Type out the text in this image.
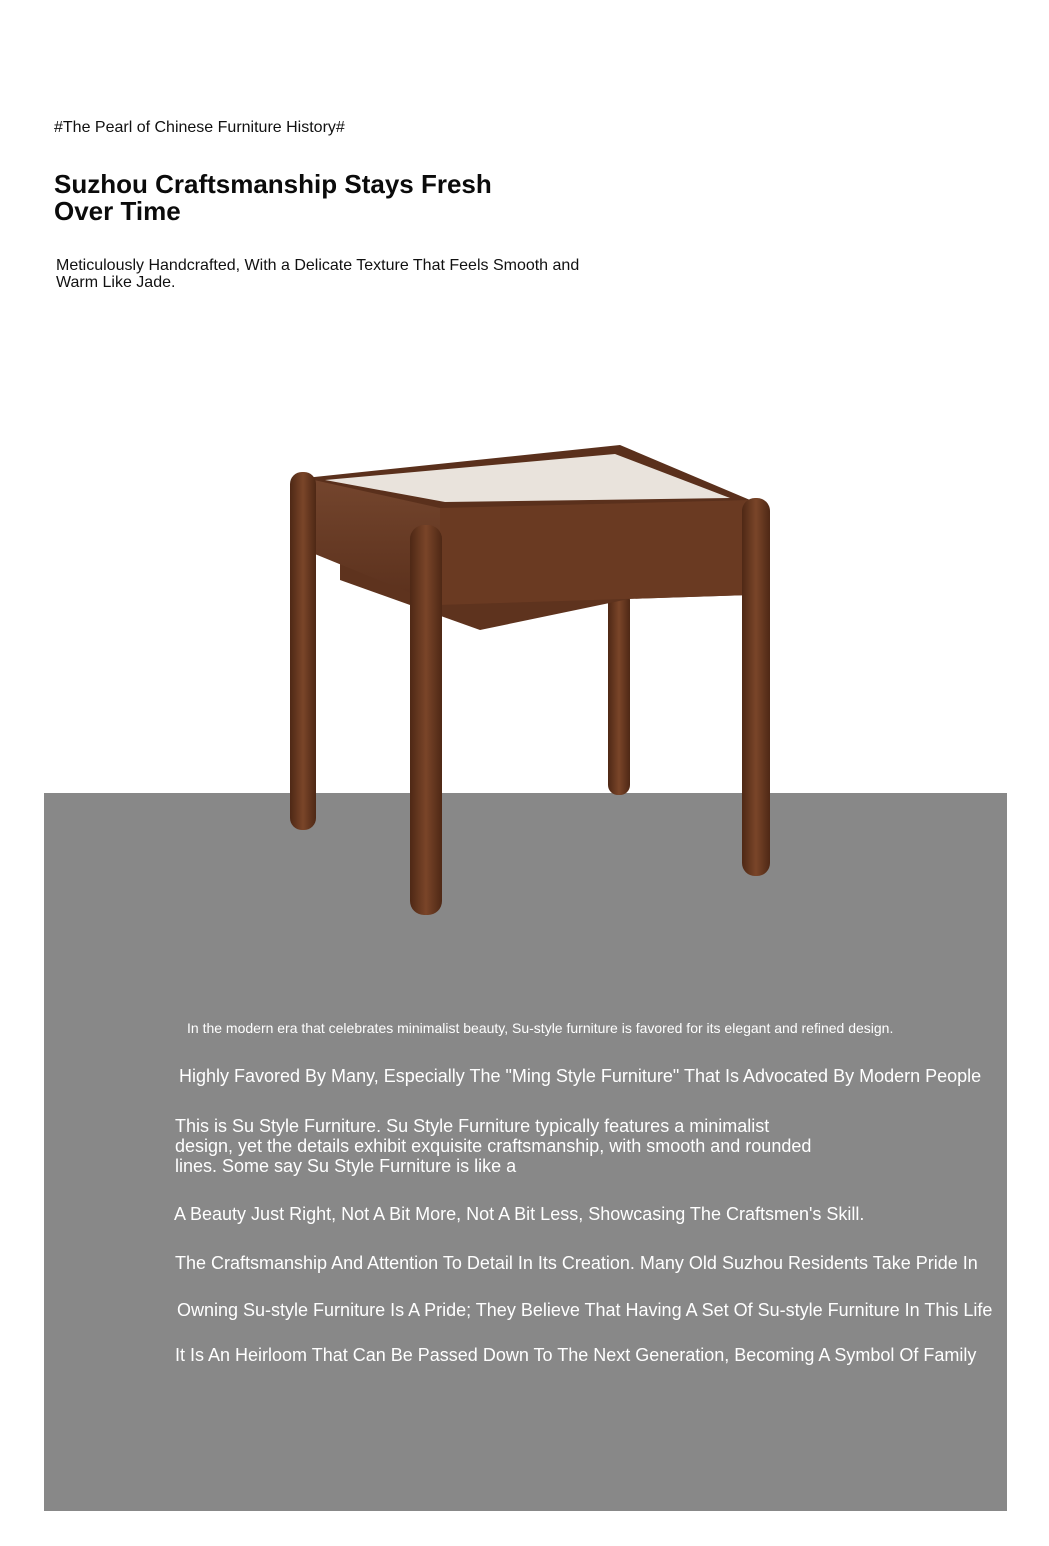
#The Pearl of Chinese Furniture History#
Suzhou Craftsmanship Stays Fresh Over Time
Meticulously Handcrafted, With a Delicate Texture That Feels Smooth and Warm Like Jade.
In the modern era that celebrates minimalist beauty, Su-style furniture is favored for its elegant and refined design.
Highly Favored By Many, Especially The "Ming Style Furniture" That Is Advocated By Modern People
This is Su Style Furniture. Su Style Furniture typically features a minimalist design, yet the details exhibit exquisite craftsmanship, with smooth and rounded lines. Some say Su Style Furniture is like a
A Beauty Just Right, Not A Bit More, Not A Bit Less, Showcasing The Craftsmen's Skill.
The Craftsmanship And Attention To Detail In Its Creation. Many Old Suzhou Residents Take Pride In
Owning Su-style Furniture Is A Pride; They Believe That Having A Set Of Su-style Furniture In This Life
It Is An Heirloom That Can Be Passed Down To The Next Generation, Becoming A Symbol Of Family
